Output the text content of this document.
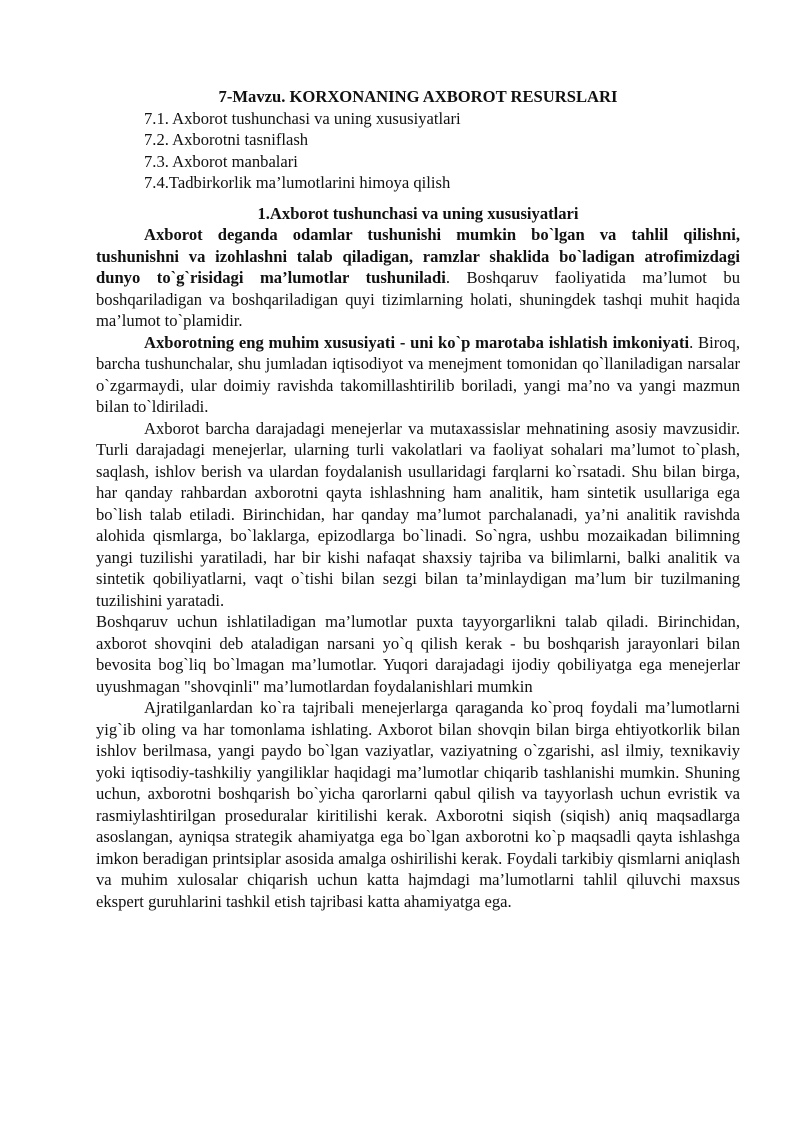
7-Mavzu. KORXONANING AXBOROT RESURSLARI
7.1. Axborot tushunchasi va uning xususiyatlari
7.2. Axborotni tasniflash
7.3. Axborot manbalari
7.4.Tadbirkorlik ma’lumotlarini himoya qilish
1.Axborot tushunchasi va uning xususiyatlari

Axborot deganda odamlar tushunishi mumkin bo`lgan va tahlil qilishni, tushunishni va izohlashni talab qiladigan, ramzlar shaklida bo`ladigan atrofimizdagi dunyo to`g`risidagi ma’lumotlar tushuniladi. Boshqaruv faoliyatida ma’lumot bu boshqariladigan va boshqariladigan quyi tizimlarning holati, shuningdek tashqi muhit haqida ma’lumot to`plamidir.

Axborotning eng muhim xususiyati - uni ko`p marotaba ishlatish imkoniyati. Biroq, barcha tushunchalar, shu jumladan iqtisodiyot va menejment tomonidan qo`llaniladigan narsalar o`zgarmaydi, ular doimiy ravishda takomillashtirilib boriladi, yangi ma’no va yangi mazmun bilan to`ldiriladi.

Axborot barcha darajadagi menejerlar va mutaxassislar mehnatining asosiy mavzusidir. Turli darajadagi menejerlar, ularning turli vakolatlari va faoliyat sohalari ma’lumot to`plash, saqlash, ishlov berish va ulardan foydalanish usullaridagi farqlarni ko`rsatadi. Shu bilan birga, har qanday rahbardan axborotni qayta ishlashning ham analitik, ham sintetik usullariga ega bo`lish talab etiladi. Birinchidan, har qanday ma’lumot parchalanadi, ya’ni analitik ravishda alohida qismlarga, bo`laklarga, epizodlarga bo`linadi. So`ngra, ushbu mozaikadan bilimning yangi tuzilishi yaratiladi, har bir kishi nafaqat shaxsiy tajriba va bilimlarni, balki analitik va sintetik qobiliyatlarni, vaqt o`tishi bilan sezgi bilan ta’minlaydigan ma’lum bir tuzilmaning tuzilishini yaratadi.

Boshqaruv uchun ishlatiladigan ma’lumotlar puxta tayyorgarlikni talab qiladi. Birinchidan, axborot shovqini deb ataladigan narsani yo`q qilish kerak - bu boshqarish jarayonlari bilan bevosita bog`liq bo`lmagan ma’lumotlar. Yuqori darajadagi ijodiy qobiliyatga ega menejerlar uyushmagan "shovqinli" ma’lumotlardan foydalanishlari mumkin

Ajratilganlardan ko`ra tajribali menejerlarga qaraganda ko`proq foydali ma’lumotlarni yig`ib oling va har tomonlama ishlating. Axborot bilan shovqin bilan birga ehtiyotkorlik bilan ishlov berilmasa, yangi paydo bo`lgan vaziyatlar, vaziyatning o`zgarishi, asl ilmiy, texnikaviy yoki iqtisodiy-tashkiliy yangiliklar haqidagi ma’lumotlar chiqarib tashlanishi mumkin. Shuning uchun, axborotni boshqarish bo`yicha qarorlarni qabul qilish va tayyorlash uchun evristik va rasmiylashtirilgan proseduralar kiritilishi kerak. Axborotni siqish (siqish) aniq maqsadlarga asoslangan, ayniqsa strategik ahamiyatga ega bo`lgan axborotni ko`p maqsadli qayta ishlashga imkon beradigan printsiplar asosida amalga oshirilishi kerak. Foydali tarkibiy qismlarni aniqlash va muhim xulosalar chiqarish uchun katta hajmdagi ma’lumotlarni tahlil qiluvchi maxsus ekspert guruhlarini tashkil etish tajribasi katta ahamiyatga ega.
